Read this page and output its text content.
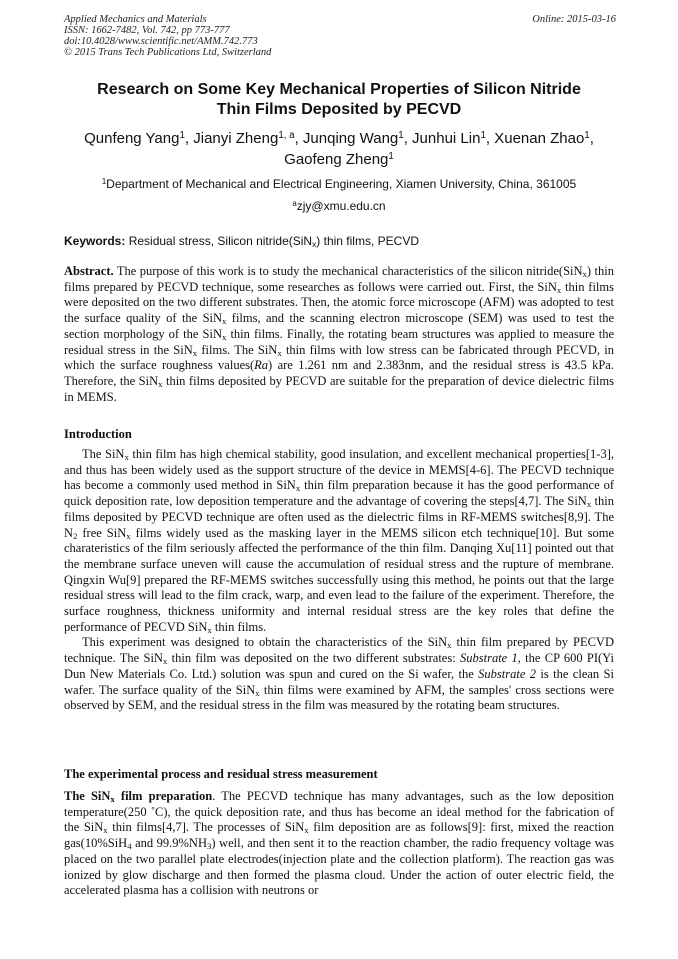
Applied Mechanics and Materials
ISSN: 1662-7482, Vol. 742, pp 773-777
doi:10.4028/www.scientific.net/AMM.742.773
© 2015 Trans Tech Publications Ltd, Switzerland
Online: 2015-03-16
Research on Some Key Mechanical Properties of Silicon Nitride
Thin Films Deposited by PECVD
Qunfeng Yang$^1$, Jianyi Zheng$^{1, a}$, Junqing Wang$^1$, Junhui Lin$^1$, Xuenan Zhao$^1$,
Gaofeng Zheng$^1$
$^1$Department of Mechanical and Electrical Engineering, Xiamen University, China, 361005
$^a$zjy@xmu.edu.cn
Keywords: Residual stress, Silicon nitride(SiN$_x$) thin films, PECVD

Abstract. The purpose of this work is to study the mechanical characteristics of the silicon nitride(SiN$_x$) thin films prepared by PECVD technique, some researches as follows were carried out. First, the SiN$_x$ thin films were deposited on the two different substrates. Then, the atomic force microscope (AFM) was adopted to test the surface quality of the SiN$_x$ films, and the scanning electron microscope (SEM) was used to test the section morphology of the SiN$_x$ thin films. Finally, the rotating beam structures was applied to measure the residual stress in the SiN$_x$ films. The SiN$_x$ thin films with low stress can be fabricated through PECVD, in which the surface roughness values(Ra) are 1.261 nm and 2.383nm, and the residual stress is 43.5 kPa. Therefore, the SiN$_x$ thin films deposited by PECVD are suitable for the preparation of device dielectric films in MEMS.

Introduction

The SiN$_x$ thin film has high chemical stability, good insulation, and excellent mechanical properties[1-3], and thus has been widely used as the support structure of the device in MEMS[4-6]. The PECVD technique has become a commonly used method in SiN$_x$ thin film preparation because it has the good performance of quick deposition rate, low deposition temperature and the advantage of covering the steps[4,7]. The SiN$_x$ thin films deposited by PECVD technique are often used as the dielectric films in RF-MEMS switches[8,9]. The $N_2$ free SiN$_x$ films widely used as the masking layer in the MEMS silicon etch technique[10]. But some charateristics of the film seriously affected the performance of the thin film. Danqing Xu[11] pointed out that the membrane surface uneven will cause the accumulation of residual stress and the rupture of membrane. Qingxin Wu[9] prepared the RF-MEMS switches successfully using this method, he points out that the large residual stress will lead to the film crack, warp, and even lead to the failure of the experiment. Therefore, the surface roughness, thickness uniformity and internal residual stress are the key roles that define the performance of PECVD SiN$_x$ thin films.

This experiment was designed to obtain the characteristics of the SiN$_x$ thin film prepared by PECVD technique. The SiN$_x$ thin film was deposited on the two different substrates: Substrate 1, the CP 600 PI(Yi Dun New Materials Co. Ltd.) solution was spun and cured on the Si wafer, the Substrate 2 is the clean Si wafer. The surface quality of the SiN$_x$ thin films were examined by AFM, the samples' cross sections were observed by SEM, and the residual stress in the film was measured by the rotating beam structures.

The experimental process and residual stress measurement

The SiN$_x$ film preparation. The PECVD technique has many advantages, such as the low deposition temperature(250 ˚C), the quick deposition rate, and thus has become an ideal method for the fabrication of the SiN$_x$ thin films[4,7]. The processes of SiN$_x$ film deposition are as follows[9]: first, mixed the reaction gas(10%SiH$_4$ and $99.9\%NH_3$) well, and then sent it to the reaction chamber, the radio frequency voltage was placed on the two parallel plate electrodes(injection plate and the collection platform). The reaction gas was ionized by glow discharge and then formed the plasma cloud. Under the action of outer electric field, the accelerated plasma has a collision with neutrons or
